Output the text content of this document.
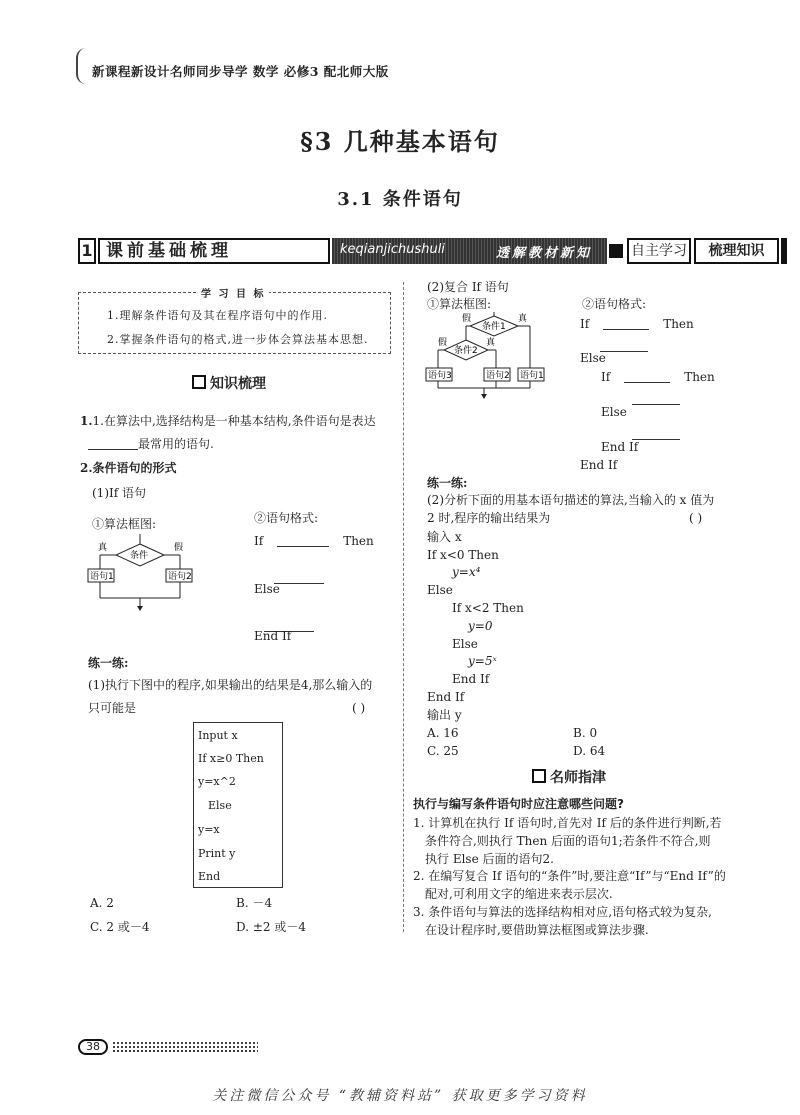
新课程新设计名师同步导学 数学 必修3 配北师大版
§3 几种基本语句
3.1 条件语句
1 课前基础梳理	keqianjichushuli	透解教材新知	自主学习	梳理知识
学 习 目 标
1.理解条件语句及其在程序语句中的作用.
2.掌握条件语句的格式,进一步体会算法基本思想.
知识梳理
1.1.在算法中,选择结构是一种基本结构,条件语句是表达
最常用的语句.
2.条件语句的形式
(1)If 语句
①算法框图:	②语句格式:
条件
真	假
语句1	语句2
If	Then
Else
End If
练一练:
(1)执行下图中的程序,如果输出的结果是4,那么输入的
只可能是	( )
Input x
If x≥0 Then
y=x^2
Else
y=x
Print y
End
A. 2	B. －4
C. 2 或－4	D. ±2 或－4
(2)复合 If 语句
①算法框图:	②语句格式:
条件1
假	真
条件2
假	真
语句3	语句2 语句1
If	Then
Else
If	Then
Else
End If
End If
练一练:
(2)分析下面的用基本语句描述的算法,当输入的 x 值为
2 时,程序的输出结果为	( )
输入 x
If x<0 Then
y=x⁴
Else
If x<2 Then
y=0
Else
y=5ˣ
End If
End If
输出 y
A. 16	B. 0
C. 25	D. 64
名师指津
执行与编写条件语句时应注意哪些问题?
1. 计算机在执行 If 语句时,首先对 If 后的条件进行判断,若
条件符合,则执行 Then 后面的语句1;若条件不符合,则
执行 Else 后面的语句2.
2. 在编写复合 If 语句的“条件”时,要注意“If”与“End If”的
配对,可利用文字的缩进来表示层次.
3. 条件语句与算法的选择结构相对应,语句格式较为复杂,
在设计程序时,要借助算法框图或算法步骤.
38
关注微信公众号 “教辅资料站” 获取更多学习资料
